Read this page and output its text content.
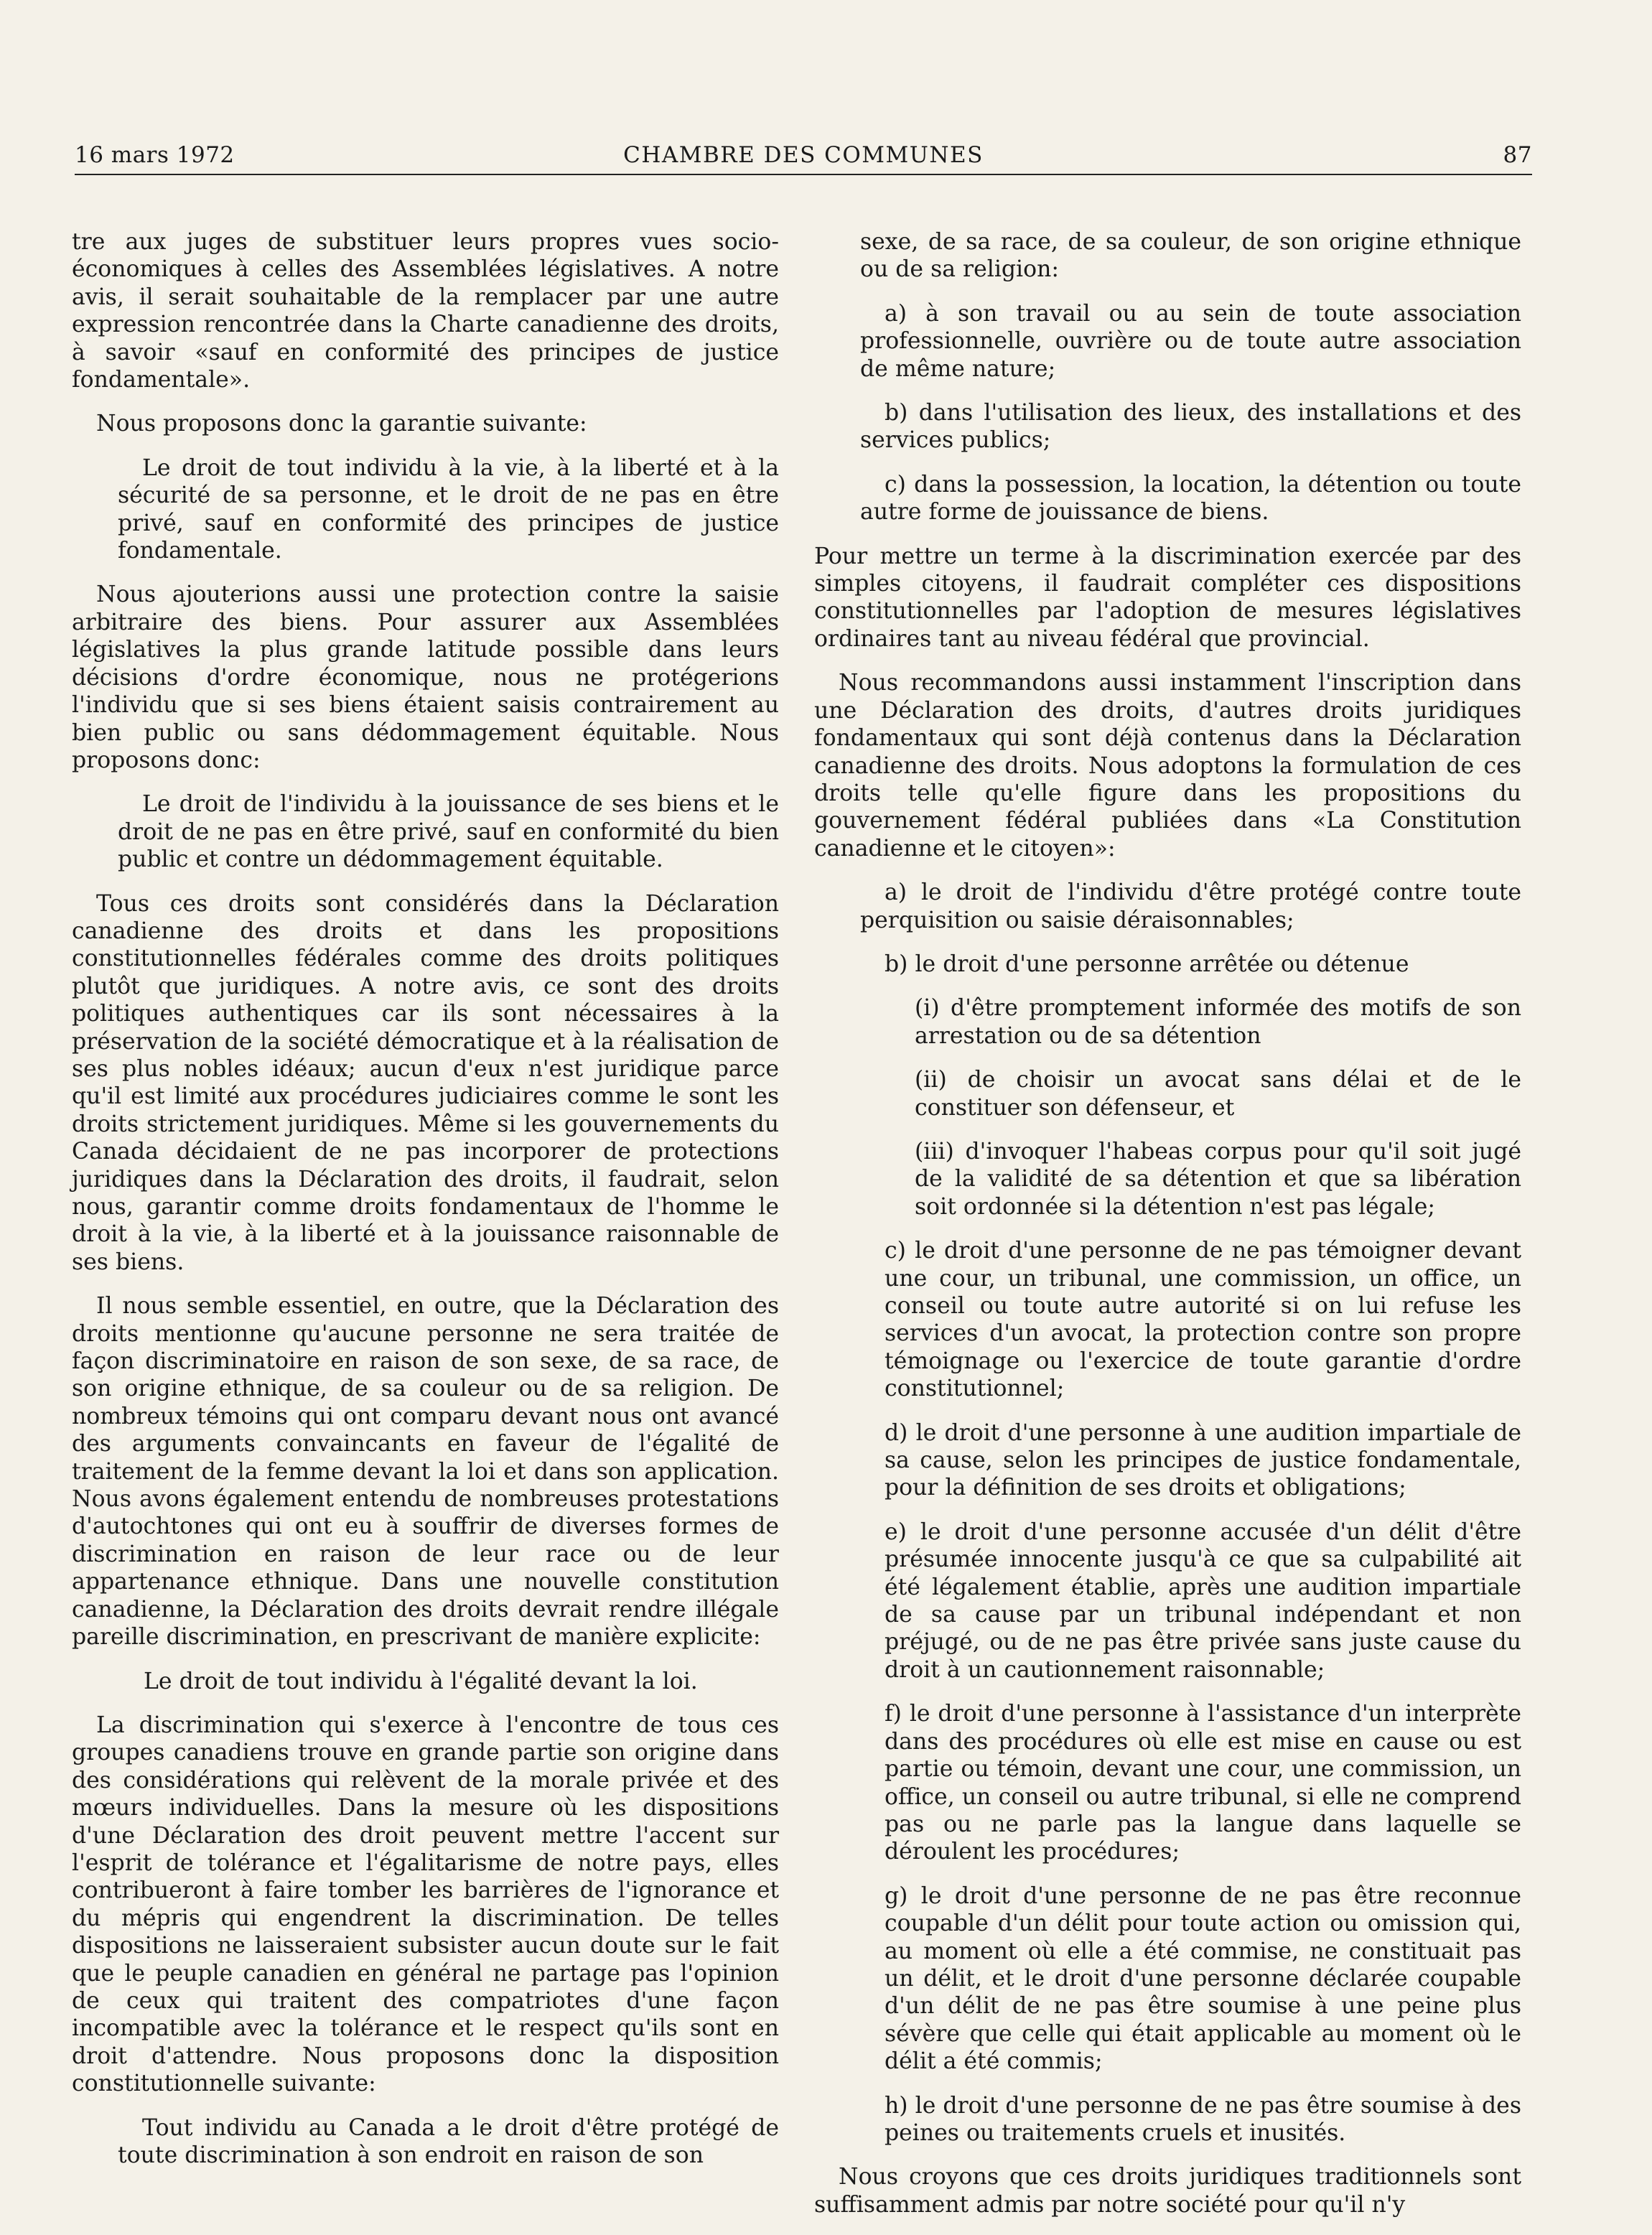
16 mars 1972	CHAMBRE DES COMMUNES	87

tre aux juges de substituer leurs propres vues socio-économiques à celles des Assemblées législatives. A notre avis, il serait souhaitable de la remplacer par une autre expression rencontrée dans la Charte canadienne des droits, à savoir «sauf en conformité des principes de justice fondamentale».

Nous proposons donc la garantie suivante:

Le droit de tout individu à la vie, à la liberté et à la sécurité de sa personne, et le droit de ne pas en être privé, sauf en conformité des principes de justice fondamentale.

Nous ajouterions aussi une protection contre la saisie arbitraire des biens. Pour assurer aux Assemblées législatives la plus grande latitude possible dans leurs décisions d'ordre économique, nous ne protégerions l'individu que si ses biens étaient saisis contrairement au bien public ou sans dédommagement équitable. Nous proposons donc:

Le droit de l'individu à la jouissance de ses biens et le droit de ne pas en être privé, sauf en conformité du bien public et contre un dédommagement équitable.

Tous ces droits sont considérés dans la Déclaration canadienne des droits et dans les propositions constitutionnelles fédérales comme des droits politiques plutôt que juridiques. A notre avis, ce sont des droits politiques authentiques car ils sont nécessaires à la préservation de la société démocratique et à la réalisation de ses plus nobles idéaux; aucun d'eux n'est juridique parce qu'il est limité aux procédures judiciaires comme le sont les droits strictement juridiques. Même si les gouvernements du Canada décidaient de ne pas incorporer de protections juridiques dans la Déclaration des droits, il faudrait, selon nous, garantir comme droits fondamentaux de l'homme le droit à la vie, à la liberté et à la jouissance raisonnable de ses biens.

Il nous semble essentiel, en outre, que la Déclaration des droits mentionne qu'aucune personne ne sera traitée de façon discriminatoire en raison de son sexe, de sa race, de son origine ethnique, de sa couleur ou de sa religion. De nombreux témoins qui ont comparu devant nous ont avancé des arguments convaincants en faveur de l'égalité de traitement de la femme devant la loi et dans son application. Nous avons également entendu de nombreuses protestations d'autochtones qui ont eu à souffrir de diverses formes de discrimination en raison de leur race ou de leur appartenance ethnique. Dans une nouvelle constitution canadienne, la Déclaration des droits devrait rendre illégale pareille discrimination, en prescrivant de manière explicite:

Le droit de tout individu à l'égalité devant la loi.

La discrimination qui s'exerce à l'encontre de tous ces groupes canadiens trouve en grande partie son origine dans des considérations qui relèvent de la morale privée et des mœurs individuelles. Dans la mesure où les dispositions d'une Déclaration des droit peuvent mettre l'accent sur l'esprit de tolérance et l'égalitarisme de notre pays, elles contribueront à faire tomber les barrières de l'ignorance et du mépris qui engendrent la discrimination. De telles dispositions ne laisseraient subsister aucun doute sur le fait que le peuple canadien en général ne partage pas l'opinion de ceux qui traitent des compatriotes d'une façon incompatible avec la tolérance et le respect qu'ils sont en droit d'attendre. Nous proposons donc la disposition constitutionnelle suivante:

Tout individu au Canada a le droit d'être protégé de toute discrimination à son endroit en raison de son

sexe, de sa race, de sa couleur, de son origine ethnique ou de sa religion:

a) à son travail ou au sein de toute association professionnelle, ouvrière ou de toute autre association de même nature;

b) dans l'utilisation des lieux, des installations et des services publics;

c) dans la possession, la location, la détention ou toute autre forme de jouissance de biens.

Pour mettre un terme à la discrimination exercée par des simples citoyens, il faudrait compléter ces dispositions constitutionnelles par l'adoption de mesures législatives ordinaires tant au niveau fédéral que provincial.

Nous recommandons aussi instamment l'inscription dans une Déclaration des droits, d'autres droits juridiques fondamentaux qui sont déjà contenus dans la Déclaration canadienne des droits. Nous adoptons la formulation de ces droits telle qu'elle figure dans les propositions du gouvernement fédéral publiées dans «La Constitution canadienne et le citoyen»:

a) le droit de l'individu d'être protégé contre toute perquisition ou saisie déraisonnables;

b) le droit d'une personne arrêtée ou détenue

(i) d'être promptement informée des motifs de son arrestation ou de sa détention

(ii) de choisir un avocat sans délai et de le constituer son défenseur, et

(iii) d'invoquer l'habeas corpus pour qu'il soit jugé de la validité de sa détention et que sa libération soit ordonnée si la détention n'est pas légale;

c) le droit d'une personne de ne pas témoigner devant une cour, un tribunal, une commission, un office, un conseil ou toute autre autorité si on lui refuse les services d'un avocat, la protection contre son propre témoignage ou l'exercice de toute garantie d'ordre constitutionnel;

d) le droit d'une personne à une audition impartiale de sa cause, selon les principes de justice fondamentale, pour la définition de ses droits et obligations;

e) le droit d'une personne accusée d'un délit d'être présumée innocente jusqu'à ce que sa culpabilité ait été légalement établie, après une audition impartiale de sa cause par un tribunal indépendant et non préjugé, ou de ne pas être privée sans juste cause du droit à un cautionnement raisonnable;

f) le droit d'une personne à l'assistance d'un interprète dans des procédures où elle est mise en cause ou est partie ou témoin, devant une cour, une commission, un office, un conseil ou autre tribunal, si elle ne comprend pas ou ne parle pas la langue dans laquelle se déroulent les procédures;

g) le droit d'une personne de ne pas être reconnue coupable d'un délit pour toute action ou omission qui, au moment où elle a été commise, ne constituait pas un délit, et le droit d'une personne déclarée coupable d'un délit de ne pas être soumise à une peine plus sévère que celle qui était applicable au moment où le délit a été commis;

h) le droit d'une personne de ne pas être soumise à des peines ou traitements cruels et inusités.

Nous croyons que ces droits juridiques traditionnels sont suffisamment admis par notre société pour qu'il n'y
